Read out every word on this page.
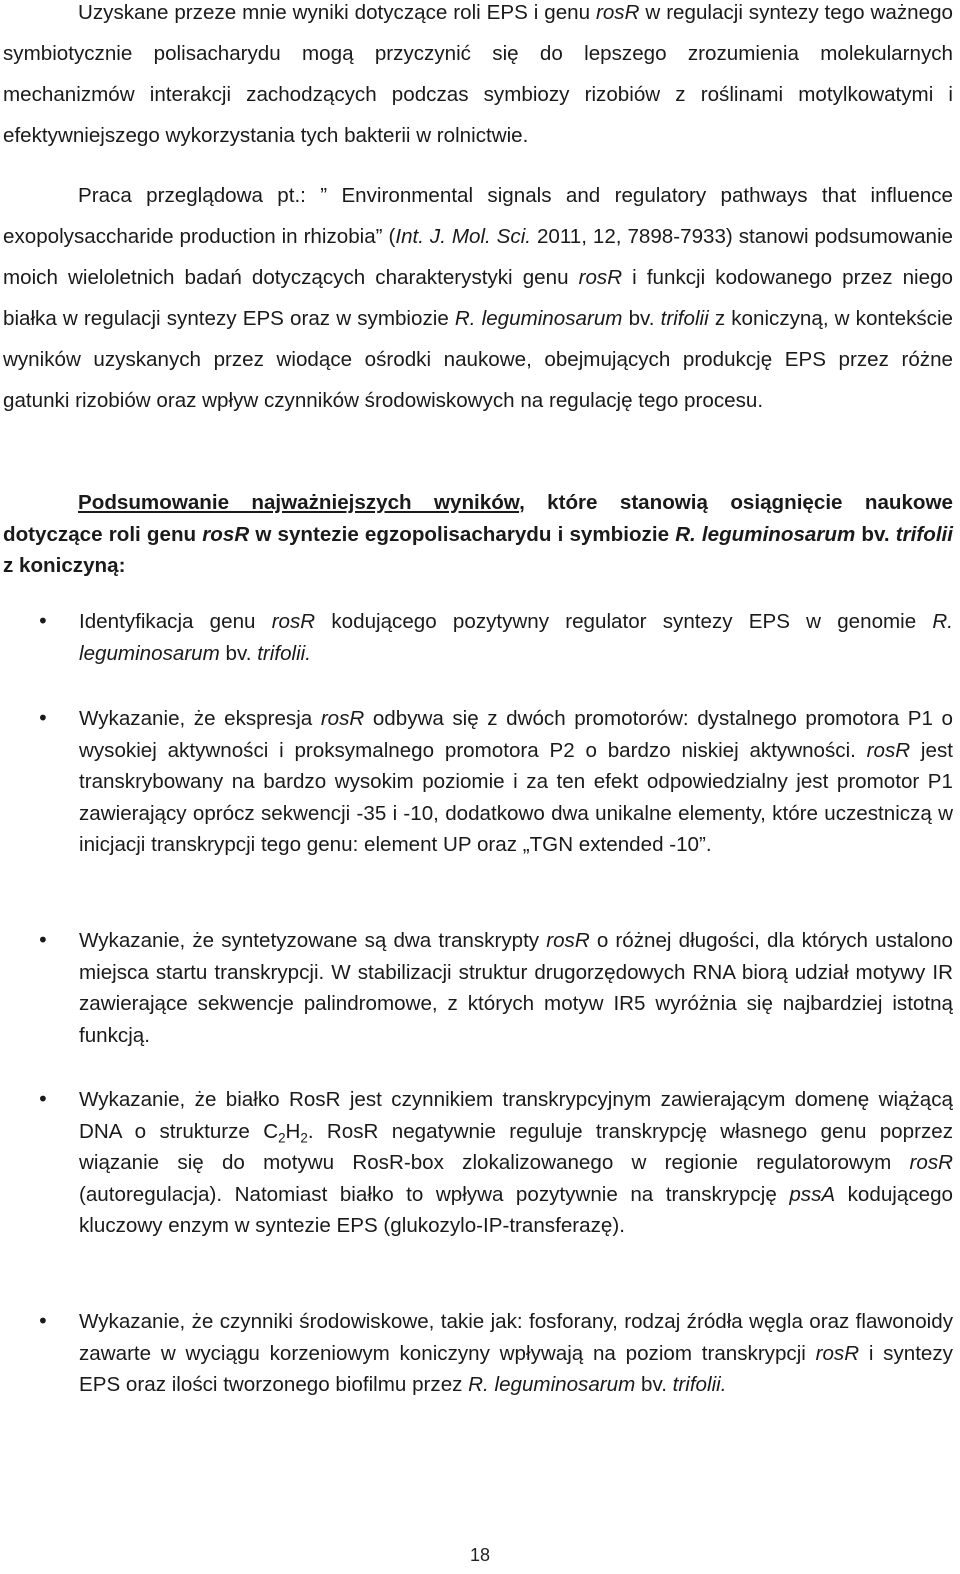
Uzyskane przeze mnie wyniki dotyczące roli EPS i genu rosR w regulacji syntezy tego ważnego symbiotycznie polisacharydu mogą przyczynić się do lepszego zrozumienia molekularnych mechanizmów interakcji zachodzących podczas symbiozy rizobiów z roślinami motylkowatymi i efektywniejszego wykorzystania tych bakterii w rolnictwie.

Praca przeglądowa pt.: ” Environmental signals and regulatory pathways that influence exopolysaccharide production in rhizobia” (Int. J. Mol. Sci. 2011, 12, 7898-7933) stanowi podsumowanie moich wieloletnich badań dotyczących charakterystyki genu rosR i funkcji kodowanego przez niego białka w regulacji syntezy EPS oraz w symbiozie R. leguminosarum bv. trifolii z koniczyną, w kontekście wyników uzyskanych przez wiodące ośrodki naukowe, obejmujących produkcję EPS przez różne gatunki rizobiów oraz wpływ czynników środowiskowych na regulację tego procesu.

Podsumowanie najważniejszych wyników, które stanowią osiągnięcie naukowe dotyczące roli genu rosR w syntezie egzopolisacharydu i symbiozie R. leguminosarum bv. trifolii z koniczyną:

• Identyfikacja genu rosR kodującego pozytywny regulator syntezy EPS w genomie R. leguminosarum bv. trifolii.
• Wykazanie, że ekspresja rosR odbywa się z dwóch promotorów: dystalnego promotora P1 o wysokiej aktywności i proksymalnego promotora P2 o bardzo niskiej aktywności. rosR jest transkrybowany na bardzo wysokim poziomie i za ten efekt odpowiedzialny jest promotor P1 zawierający oprócz sekwencji -35 i -10, dodatkowo dwa unikalne elementy, które uczestniczą w inicjacji transkrypcji tego genu: element UP oraz „TGN extended -10”.
• Wykazanie, że syntetyzowane są dwa transkrypty rosR o różnej długości, dla których ustalono miejsca startu transkrypcji. W stabilizacji struktur drugorzędowych RNA biorą udział motywy IR zawierające sekwencje palindromowe, z których motyw IR5 wyróżnia się najbardziej istotną funkcją.
• Wykazanie, że białko RosR jest czynnikiem transkrypcyjnym zawierającym domenę wiążącą DNA o strukturze $C_2H_2$. RosR negatywnie reguluje transkrypcję własnego genu poprzez wiązanie się do motywu RosR-box zlokalizowanego w regionie regulatorowym rosR (autoregulacja). Natomiast białko to wpływa pozytywnie na transkrypcję pssA kodującego kluczowy enzym w syntezie EPS (glukozylo-IP-transferazę).
• Wykazanie, że czynniki środowiskowe, takie jak: fosforany, rodzaj źródła węgla oraz flawonoidy zawarte w wyciągu korzeniowym koniczyny wpływają na poziom transkrypcji rosR i syntezy EPS oraz ilości tworzonego biofilmu przez R. leguminosarum bv. trifolii.
18
